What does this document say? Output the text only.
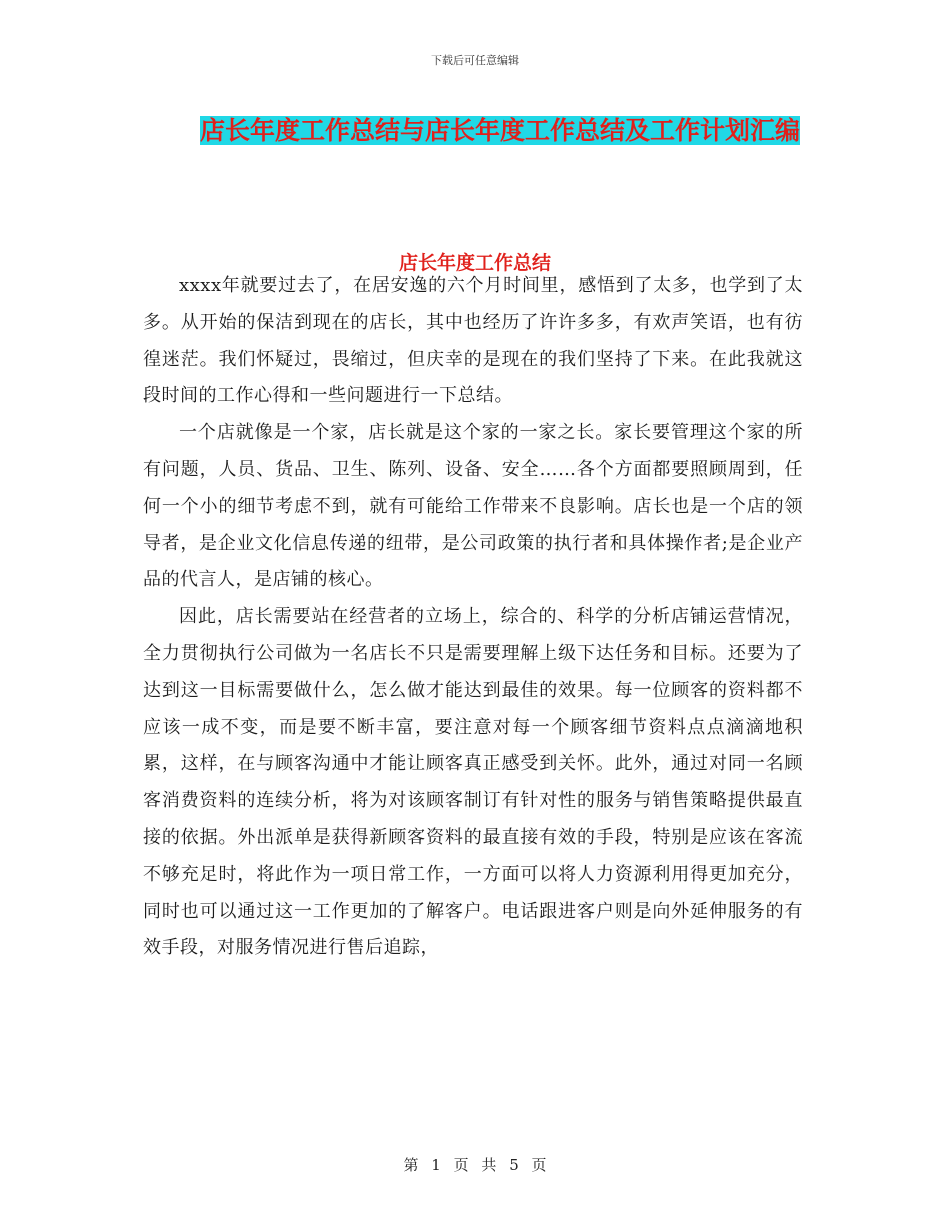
下载后可任意编辑
店长年度工作总结与店长年度工作总结及工作计划汇编
店长年度工作总结

xxxx年就要过去了，在居安逸的六个月时间里，感悟到了太多，也学到了太多。从开始的保洁到现在的店长，其中也经历了许许多多，有欢声笑语，也有彷徨迷茫。我们怀疑过，畏缩过，但庆幸的是现在的我们坚持了下来。在此我就这段时间的工作心得和一些问题进行一下总结。

一个店就像是一个家，店长就是这个家的一家之长。家长要管理这个家的所有问题，人员、货品、卫生、陈列、设备、安全……各个方面都要照顾周到，任何一个小的细节考虑不到，就有可能给工作带来不良影响。店长也是一个店的领导者，是企业文化信息传递的纽带，是公司政策的执行者和具体操作者;是企业产品的代言人，是店铺的核心。

因此，店长需要站在经营者的立场上，综合的、科学的分析店铺运营情况，全力贯彻执行公司做为一名店长不只是需要理解上级下达任务和目标。还要为了达到这一目标需要做什么，怎么做才能达到最佳的效果。每一位顾客的资料都不应该一成不变，而是要不断丰富，要注意对每一个顾客细节资料点点滴滴地积累，这样，在与顾客沟通中才能让顾客真正感受到关怀。此外，通过对同一名顾客消费资料的连续分析，将为对该顾客制订有针对性的服务与销售策略提供最直接的依据。外出派单是获得新顾客资料的最直接有效的手段，特别是应该在客流不够充足时，将此作为一项日常工作，一方面可以将人力资源利用得更加充分，同时也可以通过这一工作更加的了解客户。电话跟进客户则是向外延伸服务的有效手段，对服务情况进行售后追踪，

第 1 页 共 5 页
